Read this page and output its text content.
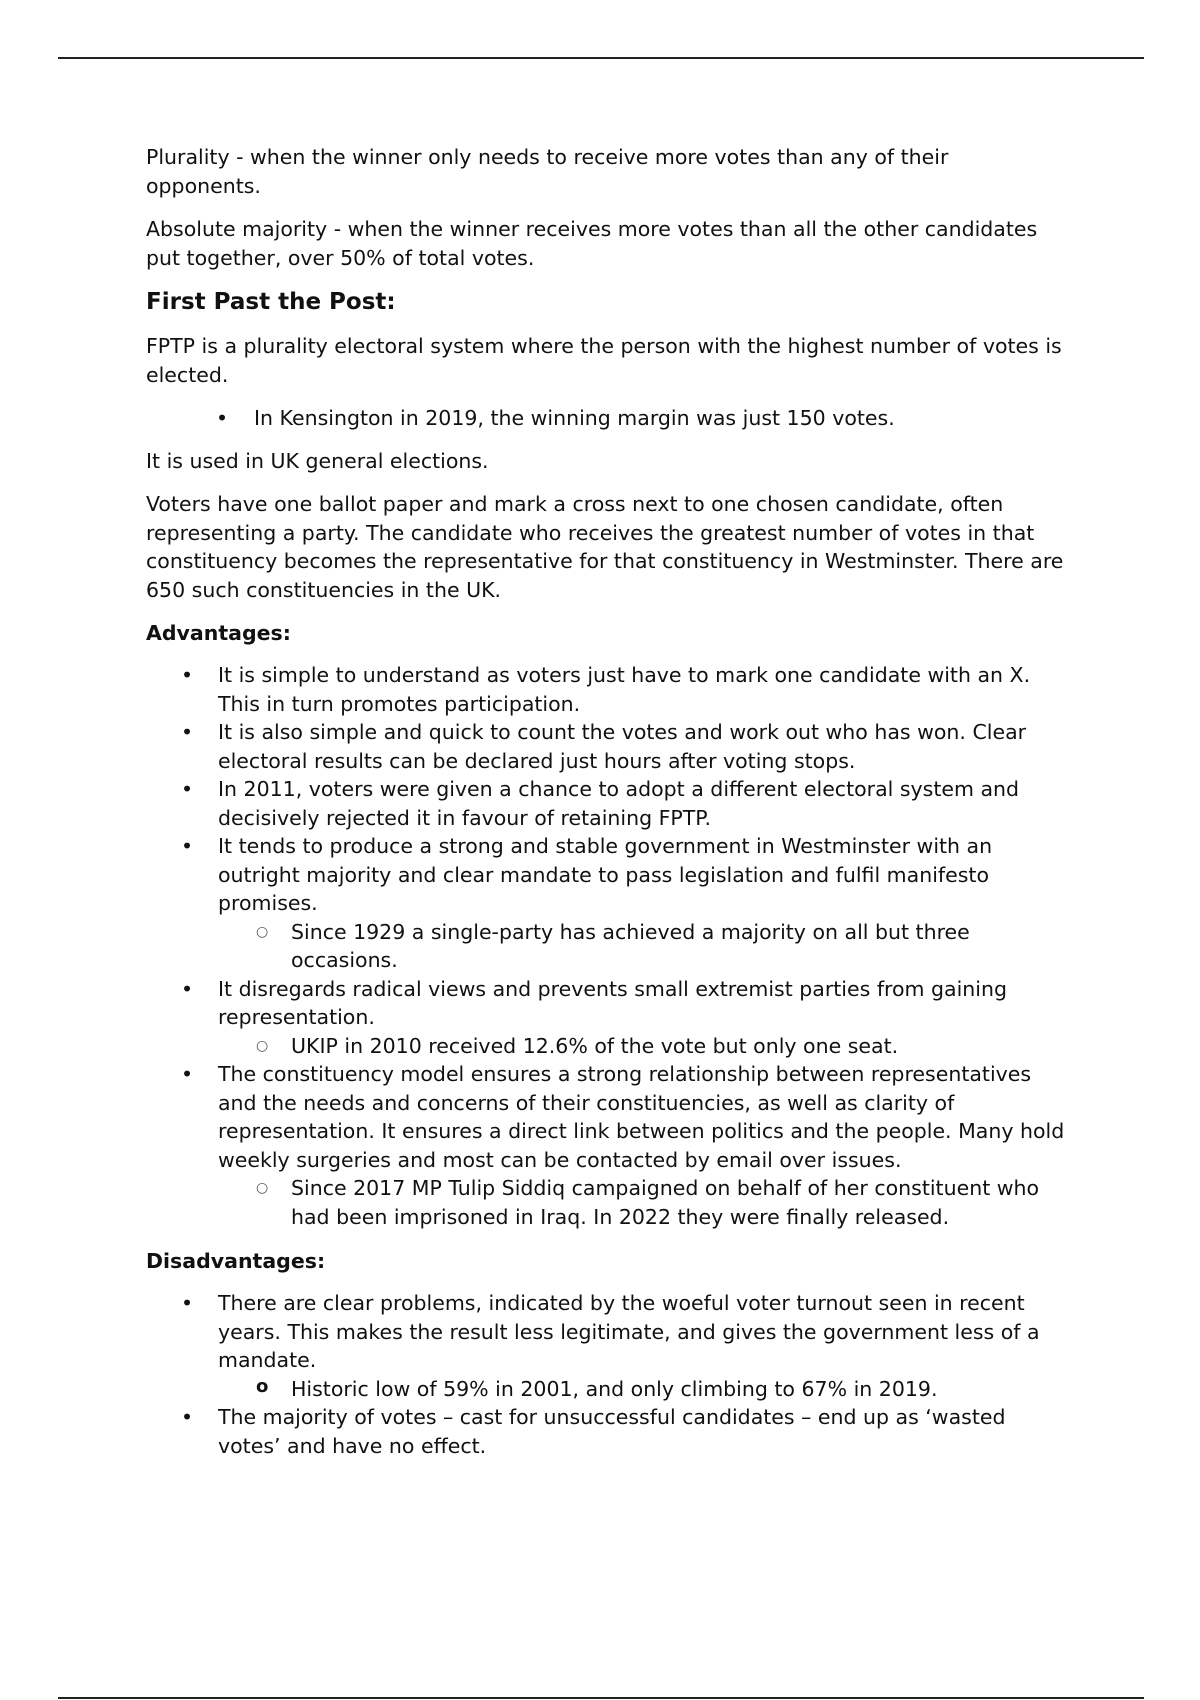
Plurality - when the winner only needs to receive more votes than any of their opponents.

Absolute majority - when the winner receives more votes than all the other candidates put together, over 50% of total votes.

First Past the Post:

FPTP is a plurality electoral system where the person with the highest number of votes is elected.

• In Kensington in 2019, the winning margin was just 150 votes.

It is used in UK general elections.

Voters have one ballot paper and mark a cross next to one chosen candidate, often representing a party. The candidate who receives the greatest number of votes in that constituency becomes the representative for that constituency in Westminster. There are 650 such constituencies in the UK.

Advantages:
• It is simple to understand as voters just have to mark one candidate with an X. This in turn promotes participation.
• It is also simple and quick to count the votes and work out who has won. Clear electoral results can be declared just hours after voting stops.
• In 2011, voters were given a chance to adopt a different electoral system and decisively rejected it in favour of retaining FPTP.
• It tends to produce a strong and stable government in Westminster with an outright majority and clear mandate to pass legislation and fulfil manifesto promises.
○ Since 1929 a single-party has achieved a majority on all but three occasions.
• It disregards radical views and prevents small extremist parties from gaining representation.
○ UKIP in 2010 received 12.6% of the vote but only one seat.
• The constituency model ensures a strong relationship between representatives and the needs and concerns of their constituencies, as well as clarity of representation. It ensures a direct link between politics and the people. Many hold weekly surgeries and most can be contacted by email over issues.
○ Since 2017 MP Tulip Siddiq campaigned on behalf of her constituent who had been imprisoned in Iraq. In 2022 they were finally released.
Disadvantages:
• There are clear problems, indicated by the woeful voter turnout seen in recent years. This makes the result less legitimate, and gives the government less of a mandate.
o Historic low of 59% in 2001, and only climbing to 67% in 2019.
• The majority of votes – cast for unsuccessful candidates – end up as ‘wasted votes’ and have no effect.
